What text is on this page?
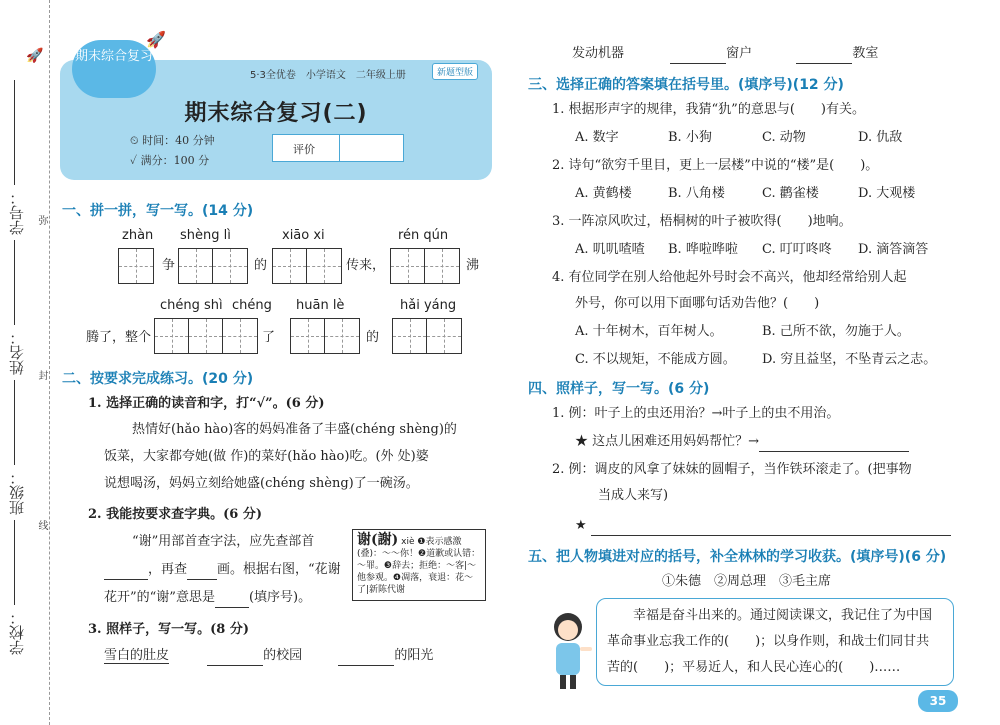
🚀
学号：
姓名：
班级：
学校：
弥
封
线
期末综合复习
🚀
5·3全优卷　小学语文　二年级上册	新题型版
期末综合复习(二)
⏲ 时间：40 分钟
✓ 满分：100 分
评价
一、拼一拼，写一写。(14 分)
zhàn shèng lì	xiāo xi	rén qún
争	的	传来，	沸
chéng shì chéng huān lè	hǎi yáng
腾了，整个	了	的
二、按要求完成练习。(20 分)
1. 选择正确的读音和字，打“√”。(6 分)
热情好(hǎo hào)客的妈妈准备了丰盛(chéng shèng)的
饭菜，大家都夸她(做 作)的菜好(hǎo hào)吃。(外 处)婆
说想喝汤，妈妈立刻给她盛(chéng shèng)了一碗汤。
2. 我能按要求查字典。(6 分)
“谢”用部首查字法，应先查部首
，再查 画。根据右图，“花谢
花开”的“谢”意思是	(填序号)。
谢(謝) xiè ❶表示感激(叠)：～～你！❷道歉或认错：～罪。❸辞去；拒绝：～客|～他参观。❹凋落，衰退：花～了|新陈代谢
3. 照样子，写一写。(8 分)
雪白的肚皮	的校园	的阳光
发动机器	窗户	教室
三、选择正确的答案填在括号里。(填序号)(12 分)
1. 根据形声字的规律，我猜“犰”的意思与(　　)有关。
A. 数字	B. 小狗	C. 动物	D. 仇敌
2. 诗句“欲穷千里目，更上一层楼”中说的“楼”是(　　)。
A. 黄鹤楼	B. 八角楼	C. 鹳雀楼	D. 大观楼
3. 一阵凉风吹过，梧桐树的叶子被吹得(　　)地响。
A. 叽叽喳喳 B. 哗啦哗啦 C. 叮叮咚咚 D. 滴答滴答
4. 有位同学在别人给他起外号时会不高兴，他却经常给别人起
外号，你可以用下面哪句话劝告他？(　　)
A. 十年树木，百年树人。	B. 己所不欲，勿施于人。
C. 不以规矩，不能成方圆。 D. 穷且益坚，不坠青云之志。
四、照样子，写一写。(6 分)
1. 例：叶子上的虫还用治？→叶子上的虫不用治。
★ 这点儿困难还用妈妈帮忙？→
2. 例：调皮的风拿了妹妹的圆帽子，当作铁环滚走了。(把事物
当成人来写)
★
五、把人物填进对应的括号，补全林林的学习收获。(填序号)(6 分)
①朱德　②周总理　③毛主席
　　幸福是奋斗出来的。通过阅读课文，我记住了为中国
革命事业忘我工作的(　　)；以身作则，和战士们同甘共
苦的(　　)；平易近人，和人民心连心的(　　)……
35
